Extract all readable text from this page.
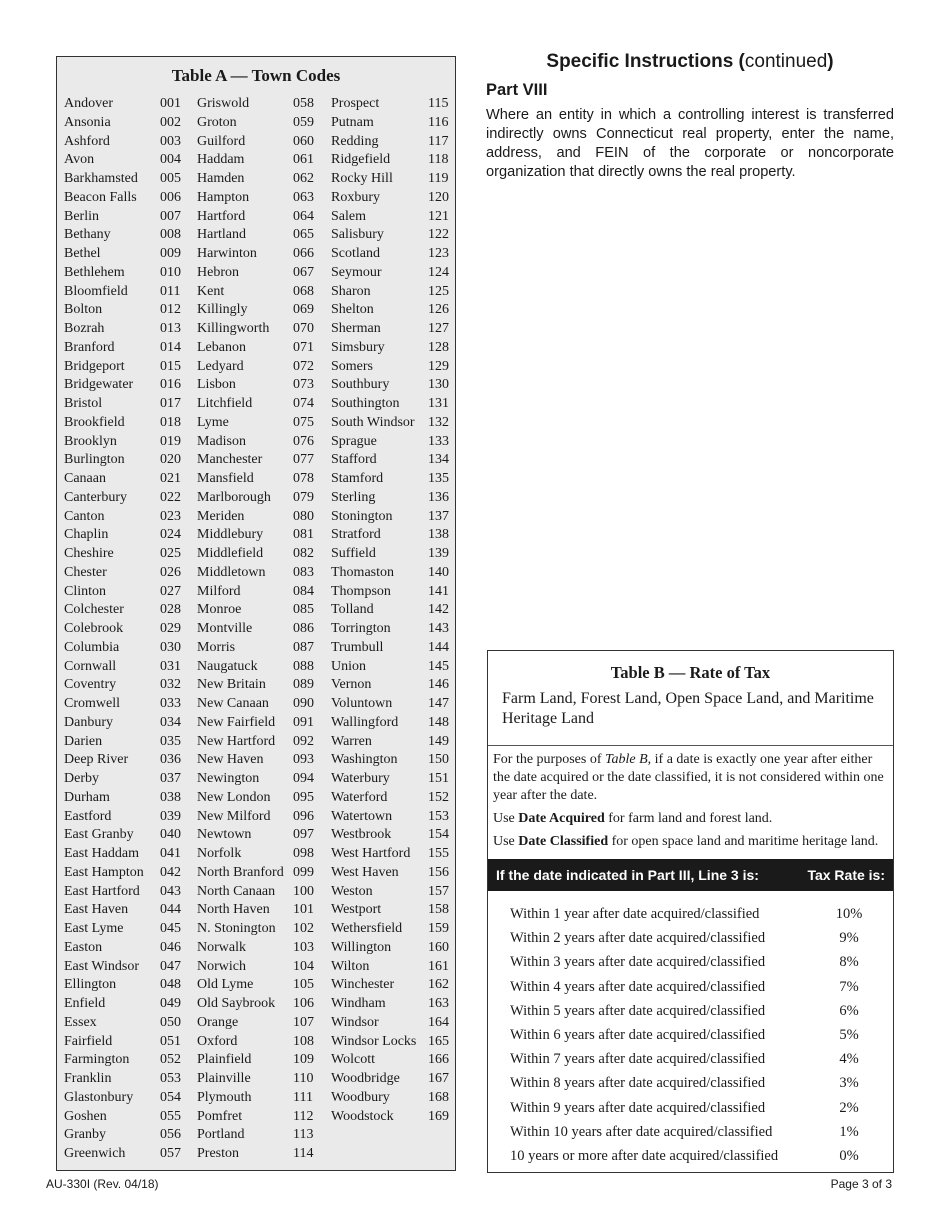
Table A — Town Codes
Andover	001
Ansonia	002
Ashford	003
Avon	004
Barkhamsted 005
Beacon Falls 006
Berlin	007
Bethany	008
Bethel	009
Bethlehem	010
Bloomfield 011
Bolton	012
Bozrah	013
Branford	014
Bridgeport	015
Bridgewater 016
Bristol	017
Brookfield	018
Brooklyn	019
Burlington	020
Canaan	021
Canterbury 022
Canton	023
Chaplin	024
Cheshire	025
Chester	026
Clinton	027
Colchester	028
Colebrook	029
Columbia	030
Cornwall	031
Coventry	032
Cromwell	033
Danbury	034
Darien	035
Deep River 036
Derby	037
Durham	038
Eastford	039
East Granby 040
East Haddam 041
East Hampton 042
East Hartford 043
East Haven 044
East Lyme	045
Easton	046
East Windsor 047
Ellington	048
Enfield	049
Essex	050
Fairfield	051
Farmington 052
Franklin	053
Glastonbury 054
Goshen	055
Granby	056
Greenwich 057
Griswold	058
Groton	059
Guilford	060
Haddam	061
Hamden	062
Hampton	063
Hartford	064
Hartland	065
Harwinton	066
Hebron	067
Kent	068
Killingly	069
Killingworth 070
Lebanon	071
Ledyard	072
Lisbon	073
Litchfield	074
Lyme	075
Madison	076
Manchester 077
Mansfield	078
Marlborough 079
Meriden	080
Middlebury 081
Middlefield 082
Middletown 083
Milford	084
Monroe	085
Montville	086
Morris	087
Naugatuck	088
New Britain 089
New Canaan 090
New Fairfield 091
New Hartford 092
New Haven 093
Newington 094
New London 095
New Milford 096
Newtown	097
Norfolk	098
North Branford 099
North Canaan 100
North Haven 101
N. Stonington 102
Norwalk	103
Norwich	104
Old Lyme	105
Old Saybrook 106
Orange	107
Oxford	108
Plainfield	109
Plainville	110
Plymouth	111
Pomfret	112
Portland	113
Preston	114
Prospect	115
Putnam	116
Redding	117
Ridgefield	118
Rocky Hill	119
Roxbury	120
Salem	121
Salisbury	122
Scotland	123
Seymour	124
Sharon	125
Shelton	126
Sherman	127
Simsbury	128
Somers	129
Southbury	130
Southington 131
South Windsor 132
Sprague	133
Stafford	134
Stamford	135
Sterling	136
Stonington	137
Stratford	138
Suffield	139
Thomaston 140
Thompson	141
Tolland	142
Torrington	143
Trumbull	144
Union	145
Vernon	146
Voluntown	147
Wallingford 148
Warren	149
Washington 150
Waterbury	151
Waterford	152
Watertown	153
Westbrook	154
West Hartford 155
West Haven 156
Weston	157
Westport	158
Wethersfield 159
Willington	160
Wilton	161
Winchester 162
Windham	163
Windsor	164
Windsor Locks 165
Wolcott	166
Woodbridge 167
Woodbury	168
Woodstock 169
Specific Instructions (continued)
Part VIII
Where an entity in which a controlling interest is transferred indirectly owns Connecticut real property, enter the name, address, and FEIN of the corporate or noncorporate organization that directly owns the real property.
Table B — Rate of Tax
Farm Land, Forest Land, Open Space Land, and Maritime Heritage Land

For the purposes of Table B, if a date is exactly one year after either the date acquired or the date classified, it is not considered within one year after the date.

Use Date Acquired for farm land and forest land.

Use Date Classified for open space land and maritime heritage land.

If the date indicated in Part III, Line 3 is:	Tax Rate is:
Within 1 year after date acquired/classified	10%
Within 2 years after date acquired/classified	9%
Within 3 years after date acquired/classified	8%
Within 4 years after date acquired/classified	7%
Within 5 years after date acquired/classified	6%
Within 6 years after date acquired/classified	5%
Within 7 years after date acquired/classified	4%
Within 8 years after date acquired/classified	3%
Within 9 years after date acquired/classified	2%
Within 10 years after date acquired/classified	1%
10 years or more after date acquired/classified	0%
AU-330I (Rev. 04/18)	Page 3 of 3
